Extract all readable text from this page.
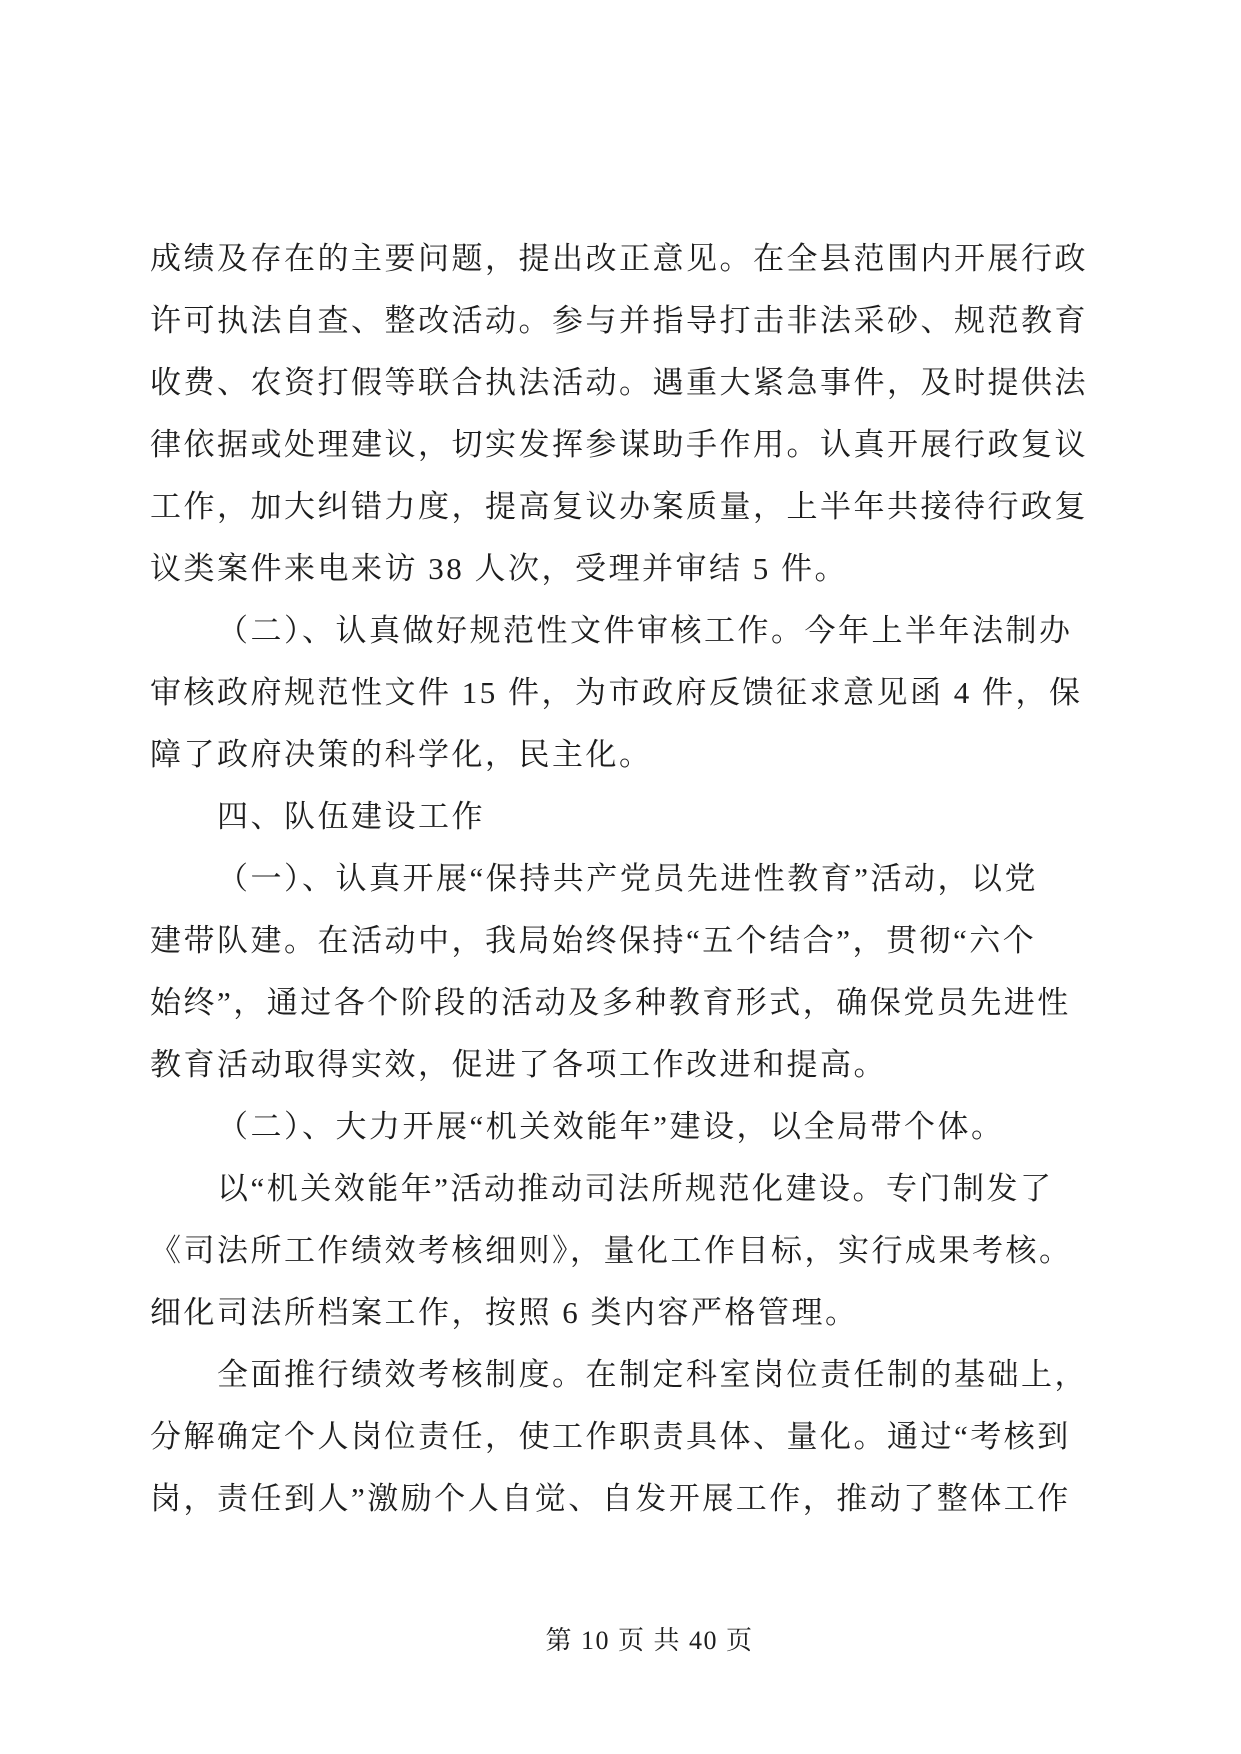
成绩及存在的主要问题，提出改正意见。在全县范围内开展行政
许可执法自查、整改活动。参与并指导打击非法采砂、规范教育
收费、农资打假等联合执法活动。遇重大紧急事件，及时提供法
律依据或处理建议，切实发挥参谋助手作用。认真开展行政复议
工作，加大纠错力度，提高复议办案质量，上半年共接待行政复
议类案件来电来访 38 人次，受理并审结 5 件。
（二）、认真做好规范性文件审核工作。今年上半年法制办
审核政府规范性文件 15 件，为市政府反馈征求意见函 4 件，保
障了政府决策的科学化，民主化。
四、队伍建设工作
（一）、认真开展“保持共产党员先进性教育”活动，以党
建带队建。在活动中，我局始终保持“五个结合”，贯彻“六个
始终”，通过各个阶段的活动及多种教育形式，确保党员先进性
教育活动取得实效，促进了各项工作改进和提高。
（二）、大力开展“机关效能年”建设，以全局带个体。
以“机关效能年”活动推动司法所规范化建设。专门制发了
《司法所工作绩效考核细则》，量化工作目标，实行成果考核。
细化司法所档案工作，按照 6 类内容严格管理。
全面推行绩效考核制度。在制定科室岗位责任制的基础上，
分解确定个人岗位责任，使工作职责具体、量化。通过“考核到
岗，责任到人”激励个人自觉、自发开展工作，推动了整体工作
第 10 页 共 40 页
